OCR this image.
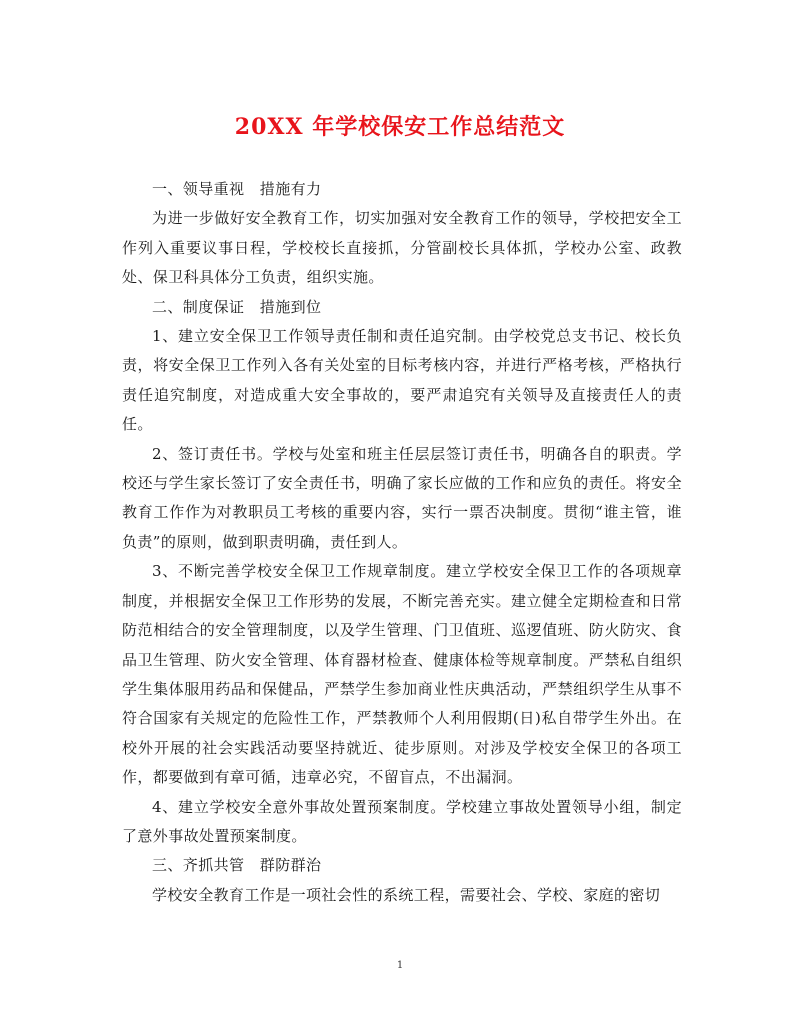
20XX 年学校保安工作总结范文

一、领导重视　措施有力

为进一步做好安全教育工作，切实加强对安全教育工作的领导，学校把安全工作列入重要议事日程，学校校长直接抓，分管副校长具体抓，学校办公室、政教处、保卫科具体分工负责，组织实施。

二、制度保证　措施到位

1、建立安全保卫工作领导责任制和责任追究制。由学校党总支书记、校长负责，将安全保卫工作列入各有关处室的目标考核内容，并进行严格考核，严格执行责任追究制度，对造成重大安全事故的，要严肃追究有关领导及直接责任人的责任。

2、签订责任书。学校与处室和班主任层层签订责任书，明确各自的职责。学校还与学生家长签订了安全责任书，明确了家长应做的工作和应负的责任。将安全教育工作作为对教职员工考核的重要内容，实行一票否决制度。贯彻“谁主管，谁负责”的原则，做到职责明确，责任到人。

3、不断完善学校安全保卫工作规章制度。建立学校安全保卫工作的各项规章制度，并根据安全保卫工作形势的发展，不断完善充实。建立健全定期检查和日常防范相结合的安全管理制度，以及学生管理、门卫值班、巡逻值班、防火防灾、食品卫生管理、防火安全管理、体育器材检查、健康体检等规章制度。严禁私自组织学生集体服用药品和保健品，严禁学生参加商业性庆典活动，严禁组织学生从事不符合国家有关规定的危险性工作，严禁教师个人利用假期(日)私自带学生外出。在校外开展的社会实践活动要坚持就近、徒步原则。对涉及学校安全保卫的各项工作，都要做到有章可循，违章必究，不留盲点，不出漏洞。

4、建立学校安全意外事故处置预案制度。学校建立事故处置领导小组，制定了意外事故处置预案制度。

三、齐抓共管　群防群治

学校安全教育工作是一项社会性的系统工程，需要社会、学校、家庭的密切

1
